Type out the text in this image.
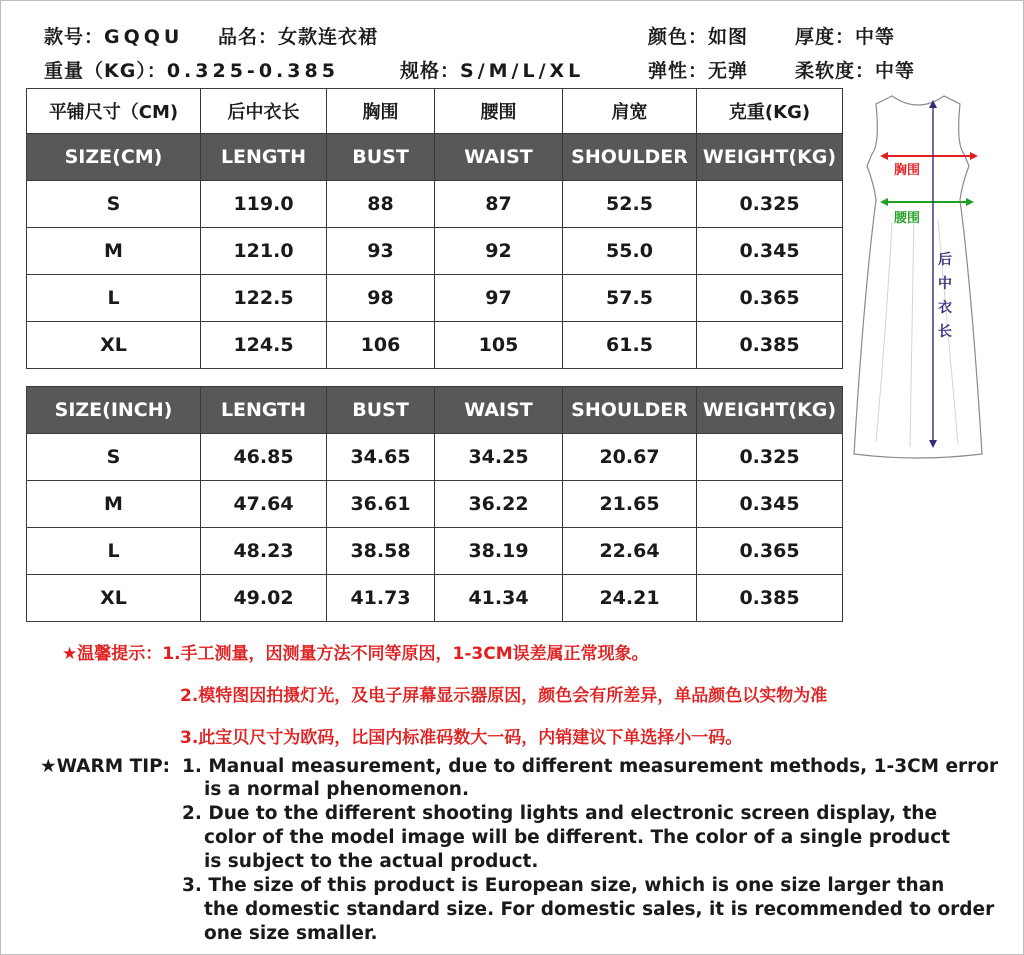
款号：GQQU 品名：女款连衣裙	颜色：如图 厚度：中等
重量（KG）：0.325-0.385	规格：S/M/L/XL	弹性：无弹 柔软度：中等
平铺尺寸（CM)	后中衣长	胸围	腰围	肩宽	克重(KG)
SIZE(CM)	LENGTH	BUST	WAIST	SHOULDER	WEIGHT(KG)
S	119.0	88	87	52.5	0.325
M	121.0	93	92	55.0	0.345
L	122.5	98	97	57.5	0.365
XL	124.5	106	105	61.5	0.385
SIZE(INCH)	LENGTH	BUST	WAIST	SHOULDER	WEIGHT(KG)
S	46.85	34.65	34.25	20.67	0.325
M	47.64	36.61	36.22	21.65	0.345
L	48.23	38.58	38.19	22.64	0.365
XL	49.02	41.73	41.34	24.21	0.385
胸围
腰围
后
中
衣
长
★温馨提示：1.手工测量，因测量方法不同等原因，1-3CM误差属正常现象。
2.模特图因拍摄灯光，及电子屏幕显示器原因，颜色会有所差异，单品颜色以实物为准
3.此宝贝尺寸为欧码，比国内标准码数大一码，内销建议下单选择小一码。
★WARM TIP: 1. Manual measurement, due to different measurement methods, 1-3CM error
is a normal phenomenon.
2. Due to the different shooting lights and electronic screen display, the
color of the model image will be different. The color of a single product
is subject to the actual product.
3. The size of this product is European size, which is one size larger than
the domestic standard size. For domestic sales, it is recommended to order
one size smaller.
